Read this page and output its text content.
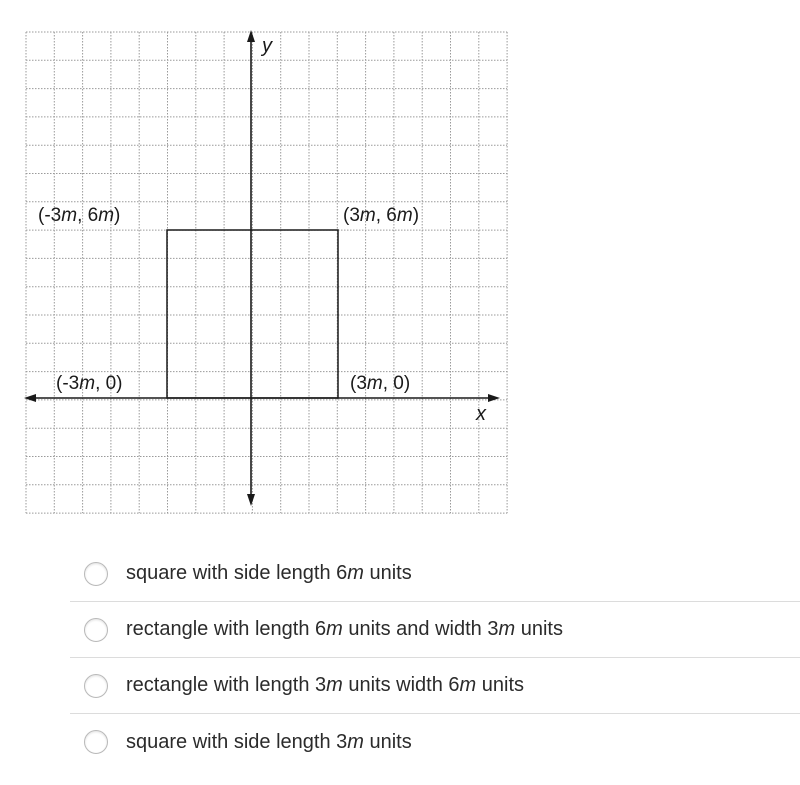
y
x
(-3m, 6m)	(3m, 6m)
(-3m, 0)	(3m, 0)
square with side length 6m units
rectangle with length 6m units and width 3m units
rectangle with length 3m units width 6m units
square with side length 3m units
